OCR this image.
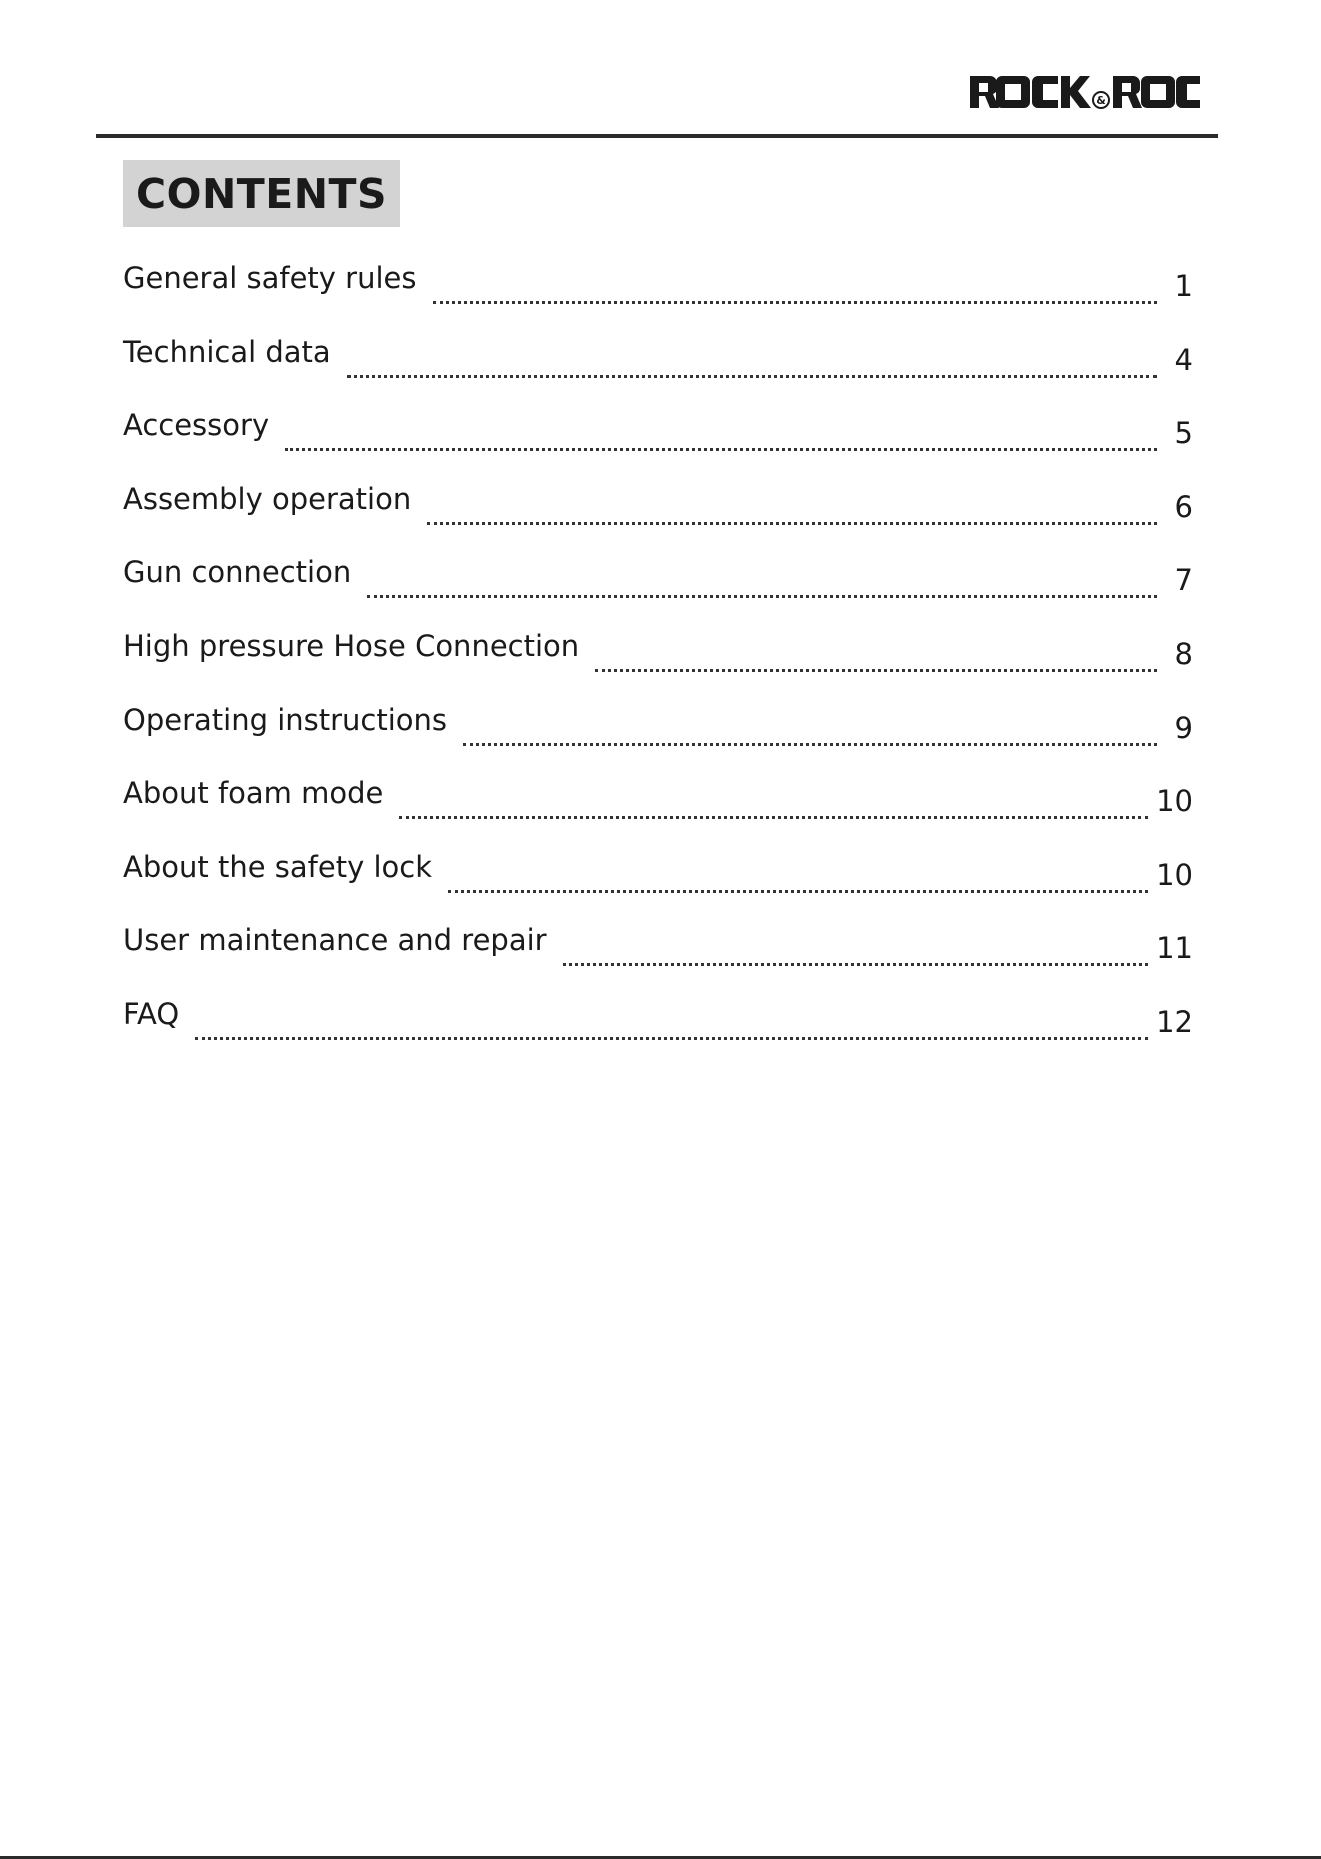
&
CONTENTS
General safety rules	1
Technical data	4
Accessory	5
Assembly operation	6
Gun connection	7
High pressure Hose Connection	8
Operating instructions	9
About foam mode	10
About the safety lock	10
User maintenance and repair	11
FAQ	12
